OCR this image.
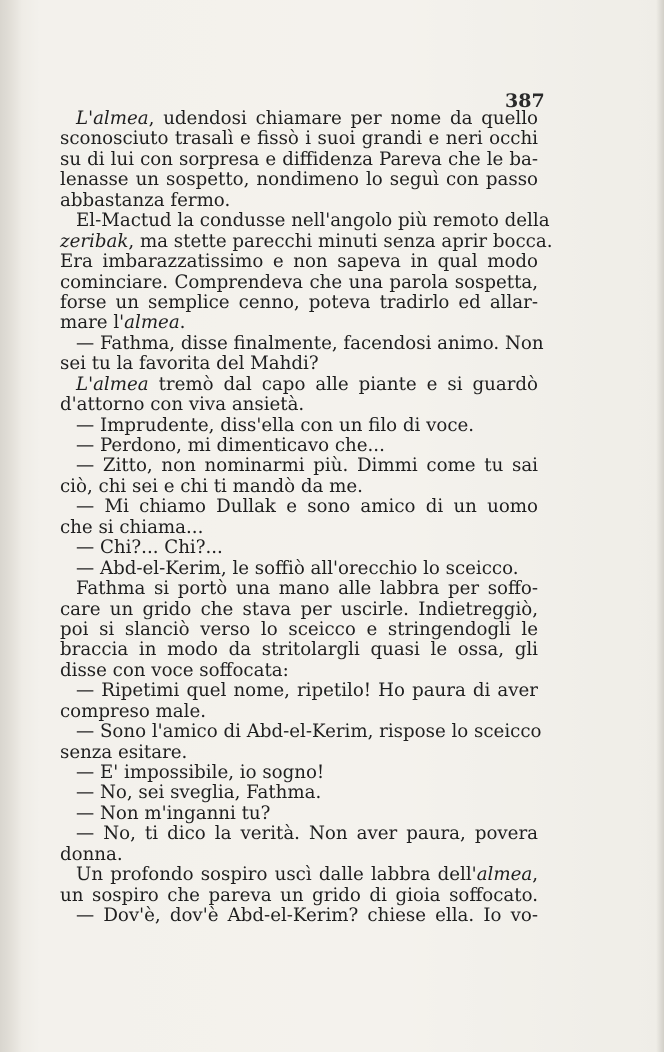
387
L'almea, udendosi chiamare per nome da quello
sconosciuto trasalì e fissò i suoi grandi e neri occhi
su di lui con sorpresa e diffidenza Pareva che le ba-
lenasse un sospetto, nondimeno lo seguì con passo
abbastanza fermo.
El-Mactud la condusse nell'angolo più remoto della
zeribak, ma stette parecchi minuti senza aprir bocca.
Era imbarazzatissimo e non sapeva in qual modo
cominciare. Comprendeva che una parola sospetta,
forse un semplice cenno, poteva tradirlo ed allar-
mare l'almea.
— Fathma, disse finalmente, facendosi animo. Non
sei tu la favorita del Mahdi?
L'almea tremò dal capo alle piante e si guardò
d'attorno con viva ansietà.
— Imprudente, diss'ella con un filo di voce.
— Perdono, mi dimenticavo che...
— Zitto, non nominarmi più. Dimmi come tu sai
ciò, chi sei e chi ti mandò da me.
— Mi chiamo Dullak e sono amico di un uomo
che si chiama...
— Chi?... Chi?...
— Abd-el-Kerim, le soffiò all'orecchio lo sceicco.
Fathma si portò una mano alle labbra per soffo-
care un grido che stava per uscirle. Indietreggiò,
poi si slanciò verso lo sceicco e stringendogli le
braccia in modo da stritolargli quasi le ossa, gli
disse con voce soffocata:
— Ripetimi quel nome, ripetilo! Ho paura di aver
compreso male.
— Sono l'amico di Abd-el-Kerim, rispose lo sceicco
senza esitare.
— E' impossibile, io sogno!
— No, sei sveglia, Fathma.
— Non m'inganni tu?
— No, ti dico la verità. Non aver paura, povera
donna.
Un profondo sospiro uscì dalle labbra dell'almea,
un sospiro che pareva un grido di gioia soffocato.
— Dov'è, dov'è Abd-el-Kerim? chiese ella. Io vo-
